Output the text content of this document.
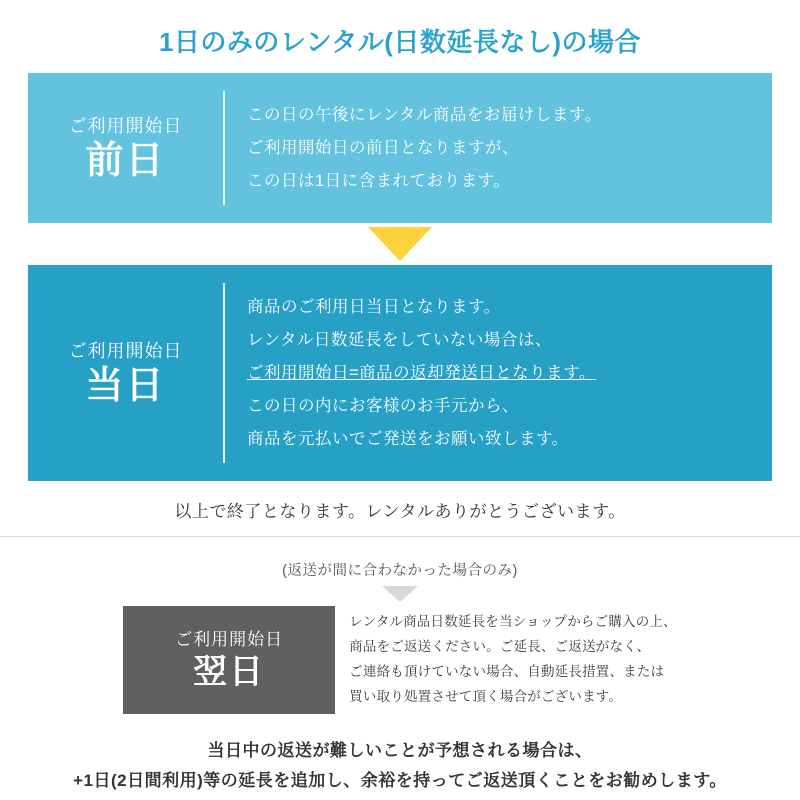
1日のみのレンタル(日数延長なし)の場合
ご利用開始日
前日
この日の午後にレンタル商品をお届けします。
ご利用開始日の前日となりますが、
この日は1日に含まれております。
ご利用開始日
当日
商品のご利用日当日となります。
レンタル日数延長をしていない場合は、
ご利用開始日=商品の返却発送日となります。
この日の内にお客様のお手元から、
商品を元払いでご発送をお願い致します。
以上で終了となります。レンタルありがとうございます。
(返送が間に合わなかった場合のみ)
ご利用開始日
翌日
レンタル商品日数延長を当ショップからご購入の上、
商品をご返送ください。ご延長、ご返送がなく、
ご連絡も頂けていない場合、自動延長措置、または
買い取り処置させて頂く場合がございます。
当日中の返送が難しいことが予想される場合は、
+1日(2日間利用)等の延長を追加し、余裕を持ってご返送頂くことをお勧めします。
